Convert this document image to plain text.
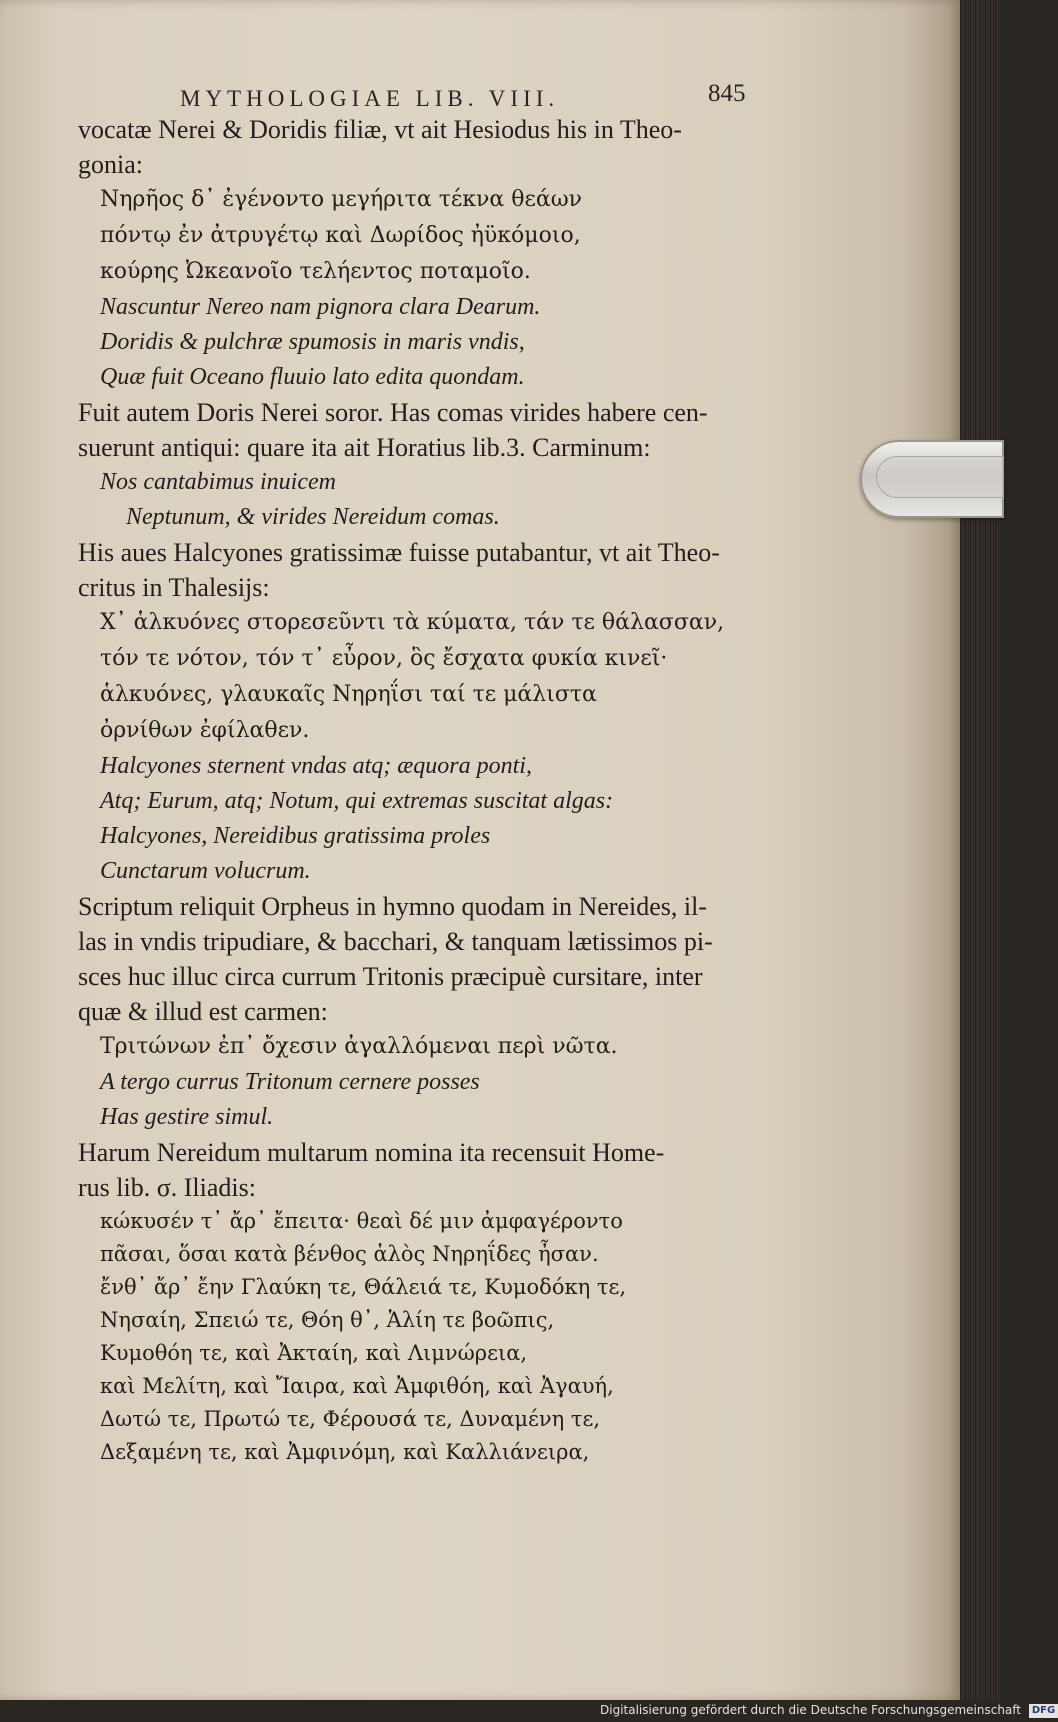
MYTHOLOGIAE LIB. VIII.	845
vocatæ Nerei & Doridis filiæ, vt ait Hesiodus his in Theo-
gonia:
Νηρῆος δ᾽ ἐγένοντο μεγήριτα τέκνα θεάων
πόντῳ ἐν ἀτρυγέτῳ καὶ Δωρίδος ἠϋκόμοιο,
κούρης Ὠκεανοῖο τελήεντος ποταμοῖο.
Nascuntur Nereo nam pignora clara Dearum.
Doridis & pulchræ spumosis in maris vndis,
Quæ fuit Oceano fluuio lato edita quondam.
Fuit autem Doris Nerei soror. Has comas virides habere cen-
suerunt antiqui: quare ita ait Horatius lib.3. Carminum:
Nos cantabimus inuicem
Neptunum, & virides Nereidum comas.
His aues Halcyones gratissimæ fuisse putabantur, vt ait Theo-
critus in Thalesijs:
Χ᾽ ἁλκυόνες στορεσεῦντι τὰ κύματα, τάν τε θάλασσαν,
τόν τε νότον, τόν τ᾽ εὖρον, ὃς ἔσχατα φυκία κινεῖ·
ἁλκυόνες, γλαυκαῖς Νηρηΐσι ταί τε μάλιστα
ὀρνίθων ἐφίλαθεν.
Halcyones sternent vndas atq; æquora ponti,
Atq; Eurum, atq; Notum, qui extremas suscitat algas:
Halcyones, Nereidibus gratissima proles
Cunctarum volucrum.
Scriptum reliquit Orpheus in hymno quodam in Nereides, il-
las in vndis tripudiare, & bacchari, & tanquam lætissimos pi-
sces huc illuc circa currum Tritonis præcipuè cursitare, inter
quæ & illud est carmen:
Τριτώνων ἐπ᾽ ὄχεσιν ἀγαλλόμεναι περὶ νῶτα.
A tergo currus Tritonum cernere posses
Has gestire simul.
Harum Nereidum multarum nomina ita recensuit Home-
rus lib. σ. Iliadis:
κώκυσέν τ᾽ ἄρ᾽ ἔπειτα· θεαὶ δέ μιν ἀμφαγέροντο
πᾶσαι, ὅσαι κατὰ βένθος ἁλὸς Νηρηΐδες ἦσαν.
ἔνθ᾽ ἄρ᾽ ἔην Γλαύκη τε, Θάλειά τε, Κυμοδόκη τε,
Νησαίη, Σπειώ τε, Θόη θ᾽, Ἁλίη τε βοῶπις,
Κυμοθόη τε, καὶ Ἀκταίη, καὶ Λιμνώρεια,
καὶ Μελίτη, καὶ Ἴαιρα, καὶ Ἀμφιθόη, καὶ Ἀγαυή,
Δωτώ τε, Πρωτώ τε, Φέρουσά τε, Δυναμένη τε,
Δεξαμένη τε, καὶ Ἀμφινόμη, καὶ Καλλιάνειρα,
Digitalisierung gefördert durch die Deutsche Forschungsgemeinschaft DFG
